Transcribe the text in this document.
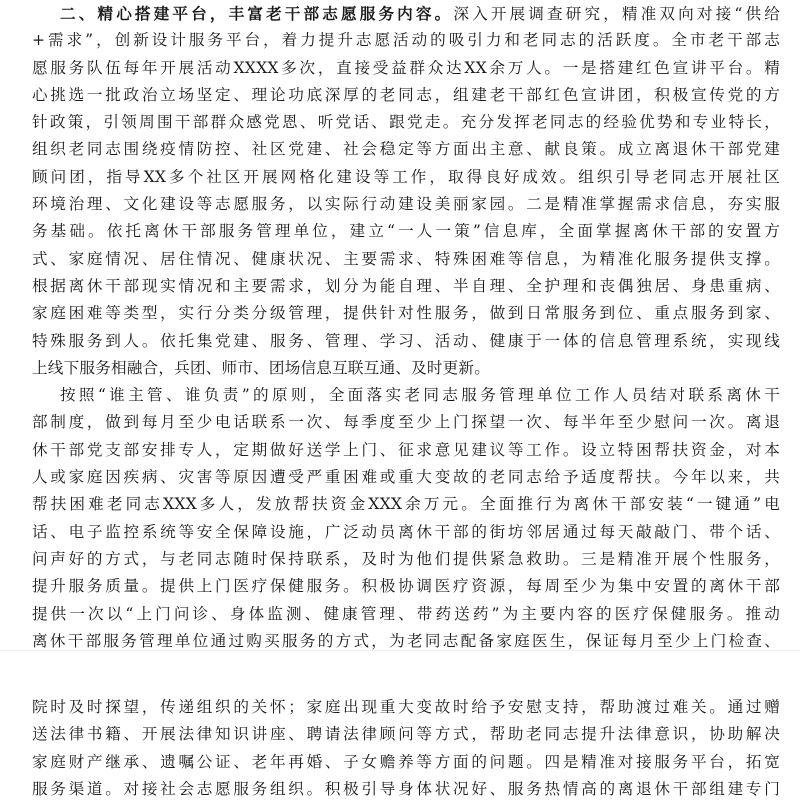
二、精心搭建平台，丰富老干部志愿服务内容。深入开展调查研究，精准双向对接“供给
+需求”，创新设计服务平台，着力提升志愿活动的吸引力和老同志的活跃度。全市老干部志
愿服务队伍每年开展活动XXXX多次，直接受益群众达XX余万人。一是搭建红色宣讲平台。精
心挑选一批政治立场坚定、理论功底深厚的老同志，组建老干部红色宣讲团，积极宣传党的方
针政策，引领周围干部群众感党恩、听党话、跟党走。充分发挥老同志的经验优势和专业特长，
组织老同志围绕疫情防控、社区党建、社会稳定等方面出主意、献良策。成立离退休干部党建
顾问团，指导XX多个社区开展网格化建设等工作，取得良好成效。组织引导老同志开展社区
环境治理、文化建设等志愿服务，以实际行动建设美丽家园。二是精准掌握需求信息，夯实服
务基础。依托离休干部服务管理单位，建立“一人一策”信息库，全面掌握离休干部的安置方
式、家庭情况、居住情况、健康状况、主要需求、特殊困难等信息，为精准化服务提供支撑。
根据离休干部现实情况和主要需求，划分为能自理、半自理、全护理和丧偶独居、身患重病、
家庭困难等类型，实行分类分级管理，提供针对性服务，做到日常服务到位、重点服务到家、
特殊服务到人。依托集党建、服务、管理、学习、活动、健康于一体的信息管理系统，实现线
上线下服务相融合，兵团、师市、团场信息互联互通、及时更新。
按照“谁主管、谁负责”的原则，全面落实老同志服务管理单位工作人员结对联系离休干
部制度，做到每月至少电话联系一次、每季度至少上门探望一次、每半年至少慰问一次。离退
休干部党支部安排专人，定期做好送学上门、征求意见建议等工作。设立特困帮扶资金，对本
人或家庭因疾病、灾害等原因遭受严重困难或重大变故的老同志给予适度帮扶。今年以来，共
帮扶困难老同志XXX多人，发放帮扶资金XXX余万元。全面推行为离休干部安装“一键通”电
话、电子监控系统等安全保障设施，广泛动员离休干部的街坊邻居通过每天敲敲门、带个话、
问声好的方式，与老同志随时保持联系，及时为他们提供紧急救助。三是精准开展个性服务，
提升服务质量。提供上门医疗保健服务。积极协调医疗资源，每周至少为集中安置的离休干部
提供一次以“上门问诊、身体监测、健康管理、带药送药”为主要内容的医疗保健服务。推动
离休干部服务管理单位通过购买服务的方式，为老同志配备家庭医生，保证每月至少上门检查、
院时及时探望，传递组织的关怀；家庭出现重大变故时给予安慰支持，帮助渡过难关。通过赠
送法律书籍、开展法律知识讲座、聘请法律顾问等方式，帮助老同志提升法律意识，协助解决
家庭财产继承、遗嘱公证、老年再婚、子女赡养等方面的问题。四是精准对接服务平台，拓宽
服务渠道。对接社会志愿服务组织。积极引导身体状况好、服务热情高的离退休干部组建专门
